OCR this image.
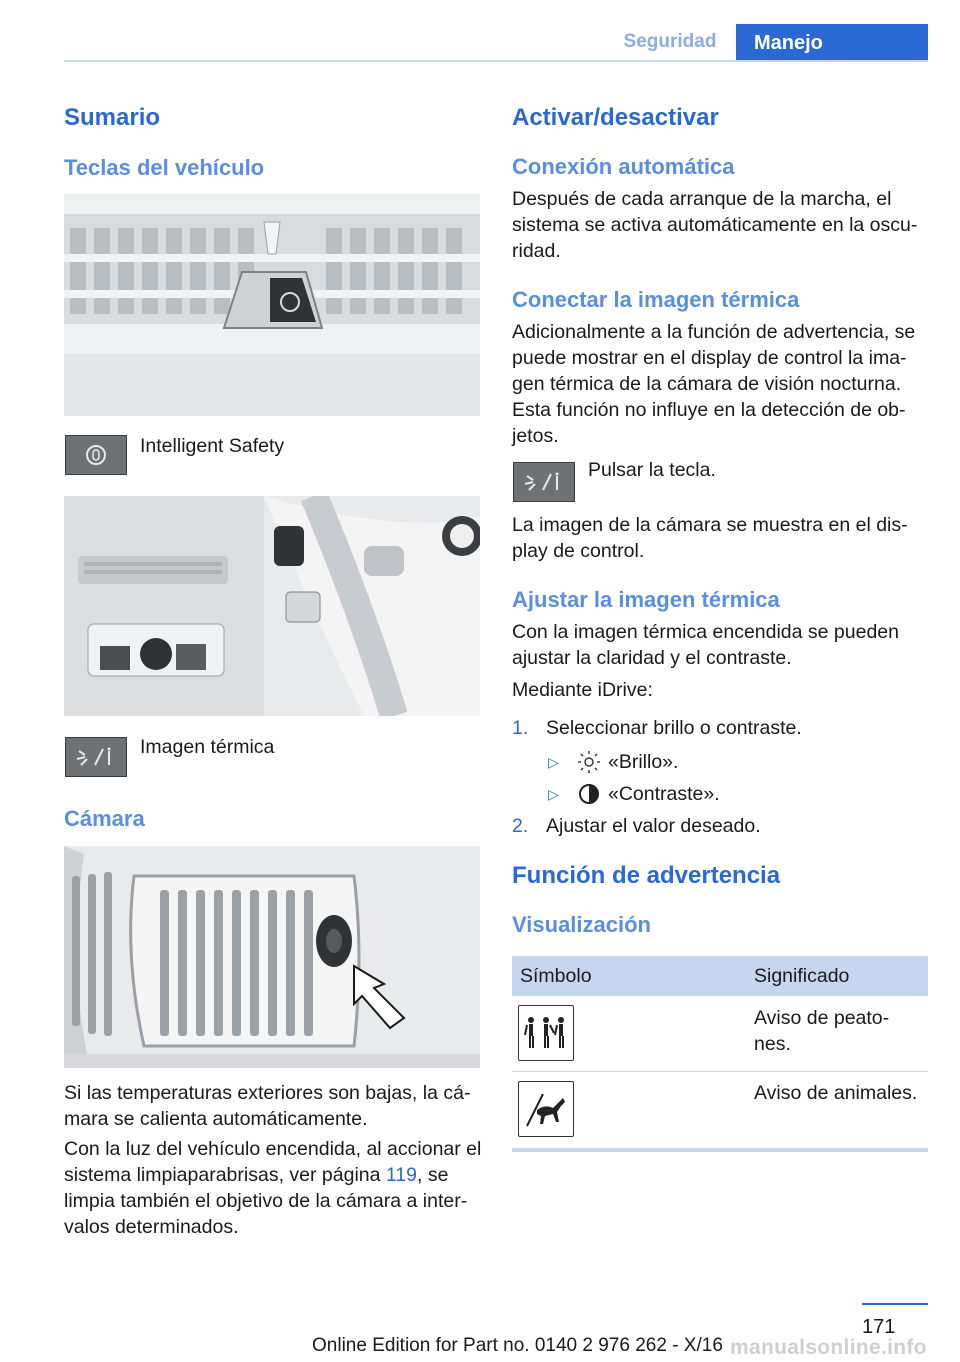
Seguridad	Manejo
Sumario
Teclas del vehículo
Intelligent Safety
Imagen térmica
Cámara
Si las temperaturas exteriores son bajas, la cá-mara se calienta automáticamente.
Con la luz del vehículo encendida, al accionar el sistema limpiaparabrisas, ver página 119, se limpia también el objetivo de la cámara a inter-valos determinados.
Activar/desactivar
Conexión automática
Después de cada arranque de la marcha, el sistema se activa automáticamente en la oscu-ridad.
Conectar la imagen térmica
Adicionalmente a la función de advertencia, se puede mostrar en el display de control la ima-gen térmica de la cámara de visión nocturna. Esta función no influye en la detección de ob-jetos.
Pulsar la tecla.
La imagen de la cámara se muestra en el dis-play de control.
Ajustar la imagen térmica
Con la imagen térmica encendida se pueden ajustar la claridad y el contraste.
Mediante iDrive:
1. Seleccionar brillo o contraste.
▷	«Brillo».
▷	«Contraste».
2. Ajustar el valor deseado.
Función de advertencia
Visualización
Símbolo	Significado
Aviso de peato-nes.
Aviso de animales.
171
Online Edition for Part no. 0140 2 976 262 - X/16 manualsonline.info
